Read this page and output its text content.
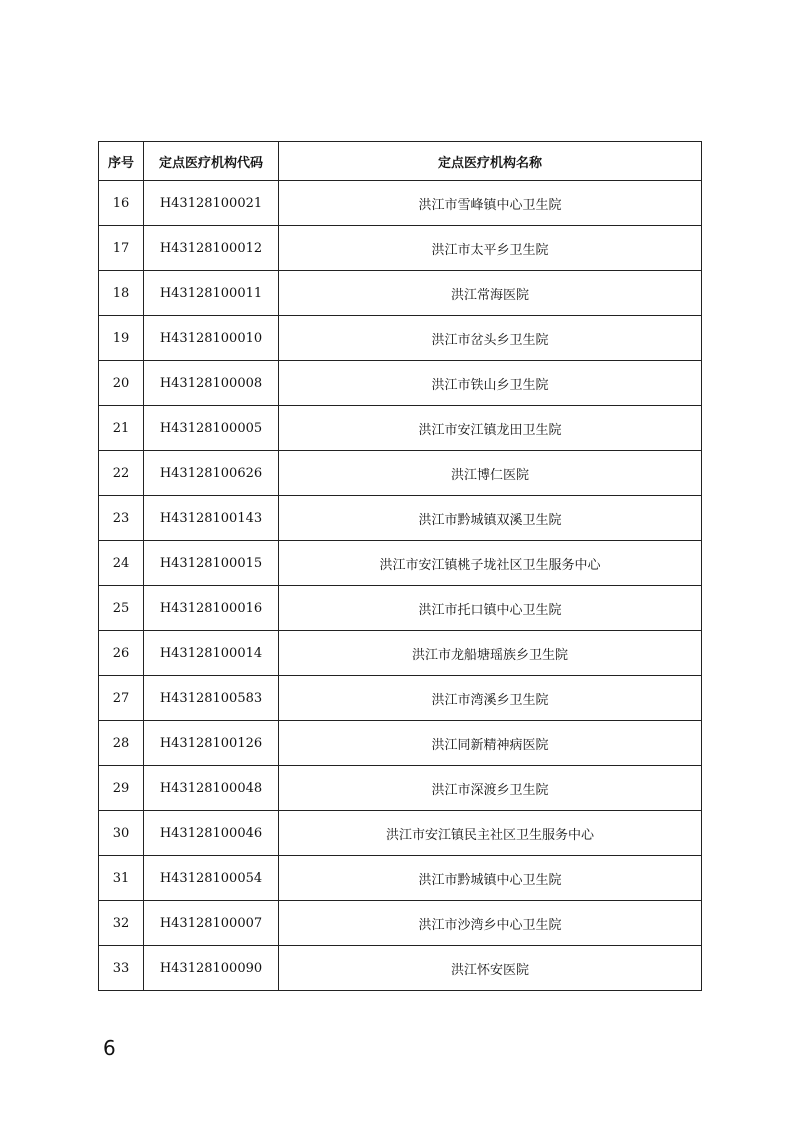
序号	定点医疗机构代码	定点医疗机构名称
16	H43128100021	洪江市雪峰镇中心卫生院
17	H43128100012	洪江市太平乡卫生院
18	H43128100011	洪江常海医院
19	H43128100010	洪江市岔头乡卫生院
20	H43128100008	洪江市铁山乡卫生院
21	H43128100005	洪江市安江镇龙田卫生院
22	H43128100626	洪江博仁医院
23	H43128100143	洪江市黔城镇双溪卫生院
24	H43128100015	洪江市安江镇桃子垅社区卫生服务中心
25	H43128100016	洪江市托口镇中心卫生院
26	H43128100014	洪江市龙船塘瑶族乡卫生院
27	H43128100583	洪江市湾溪乡卫生院
28	H43128100126	洪江同新精神病医院
29	H43128100048	洪江市深渡乡卫生院
30	H43128100046	洪江市安江镇民主社区卫生服务中心
31	H43128100054	洪江市黔城镇中心卫生院
32	H43128100007	洪江市沙湾乡中心卫生院
33	H43128100090	洪江怀安医院
6
